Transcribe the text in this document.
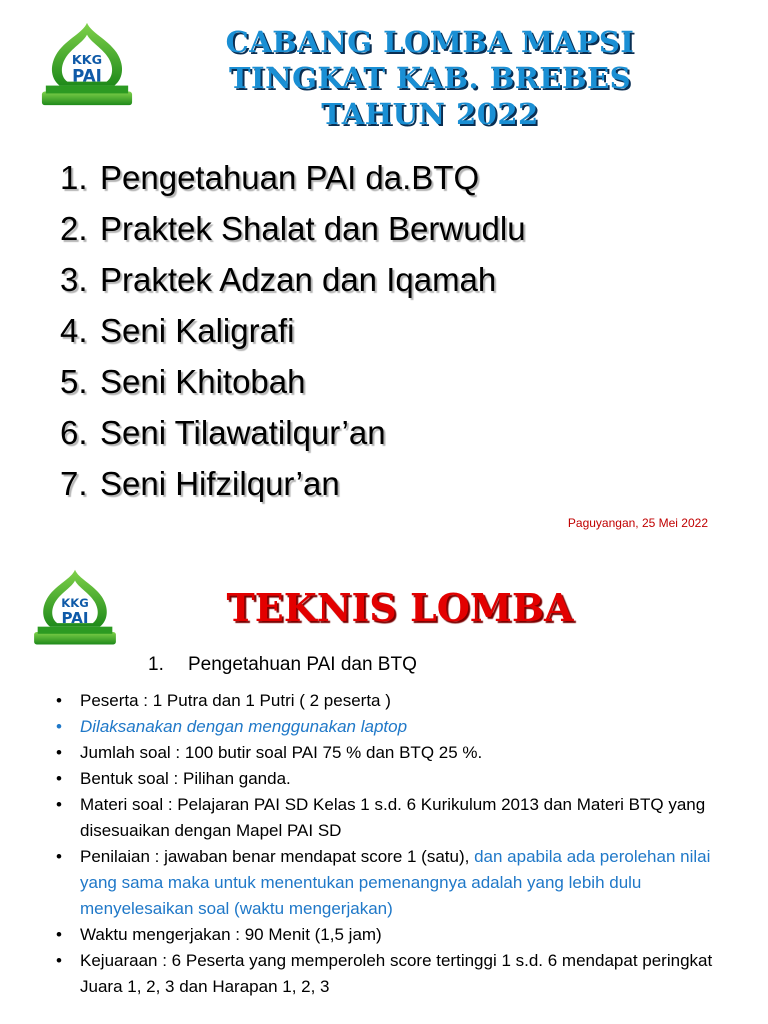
KKG
PAI
CABANG LOMBA MAPSI
TINGKAT KAB. BREBES
TAHUN 2022
1. Pengetahuan PAI da.BTQ
2. Praktek Shalat dan Berwudlu
3. Praktek Adzan dan Iqamah
4. Seni Kaligrafi
5. Seni Khitobah
6. Seni Tilawatilqur’an
7. Seni Hifzilqur’an
Paguyangan, 25 Mei 2022
KKG
PAI	TEKNIS LOMBA
1. Pengetahuan PAI dan BTQ
• Peserta : 1 Putra dan 1 Putri ( 2 peserta )
• Dilaksanakan dengan menggunakan laptop
• Jumlah soal : 100 butir soal PAI 75 % dan BTQ 25 %.
• Bentuk soal : Pilihan ganda.
• Materi soal : Pelajaran PAI SD Kelas 1 s.d. 6 Kurikulum 2013 dan Materi BTQ yang disesuaikan dengan Mapel PAI SD
• Penilaian : jawaban benar mendapat score 1 (satu), dan apabila ada perolehan nilai yang sama maka untuk menentukan pemenangnya adalah yang lebih dulu menyelesaikan soal (waktu mengerjakan)
• Waktu mengerjakan : 90 Menit (1,5 jam)
• Kejuaraan : 6 Peserta yang memperoleh score tertinggi 1 s.d. 6 mendapat peringkat Juara 1, 2, 3 dan Harapan 1, 2, 3
